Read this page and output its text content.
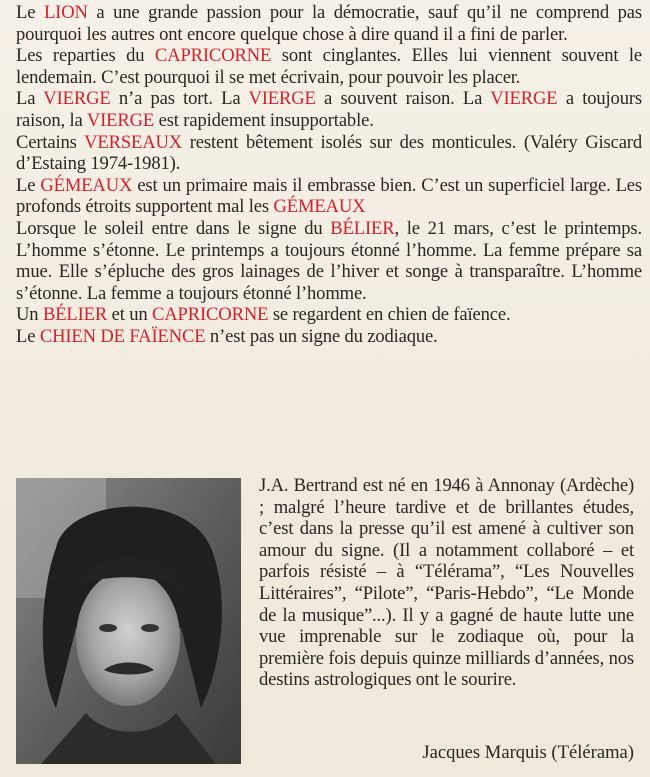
Le LION a une grande passion pour la démocratie, sauf qu’il ne comprend pas pourquoi les autres ont encore quelque chose à dire quand il a fini de parler.

Les reparties du CAPRICORNE sont cinglantes. Elles lui viennent souvent le lendemain. C’est pourquoi il se met écrivain, pour pouvoir les placer.

La VIERGE n’a pas tort. La VIERGE a souvent raison. La VIERGE a toujours raison, la VIERGE est rapidement insupportable.

Certains VERSEAUX restent bêtement isolés sur des monticules. (Valéry Giscard d’Estaing 1974-1981).

Le GÉMEAUX est un primaire mais il embrasse bien. C’est un superficiel large. Les profonds étroits supportent mal les GÉMEAUX

Lorsque le soleil entre dans le signe du BÉLIER, le 21 mars, c’est le printemps. L’homme s’étonne. Le printemps a toujours étonné l’homme. La femme prépare sa mue. Elle s’épluche des gros lainages de l’hiver et songe à transparaître. L’homme s’étonne. La femme a toujours étonné l’homme.

Un BÉLIER et un CAPRICORNE se regardent en chien de faïence.

Le CHIEN DE FAÏENCE n’est pas un signe du zodiaque.

J.A. Bertrand est né en 1946 à Annonay (Ardèche) ; malgré l’heure tardive et de brillantes études, c’est dans la presse qu’il est amené à cultiver son amour du signe. (Il a notamment collaboré – et parfois résisté – à “Télérama”, “Les Nouvelles Littéraires”, “Pilote”, “Paris-Hebdo”, “Le Monde de la musique”...). Il y a gagné de haute lutte une vue imprenable sur le zodiaque où, pour la première fois depuis quinze milliards d’années, nos destins astrologiques ont le sourire.
Jacques Marquis (Télérama)
